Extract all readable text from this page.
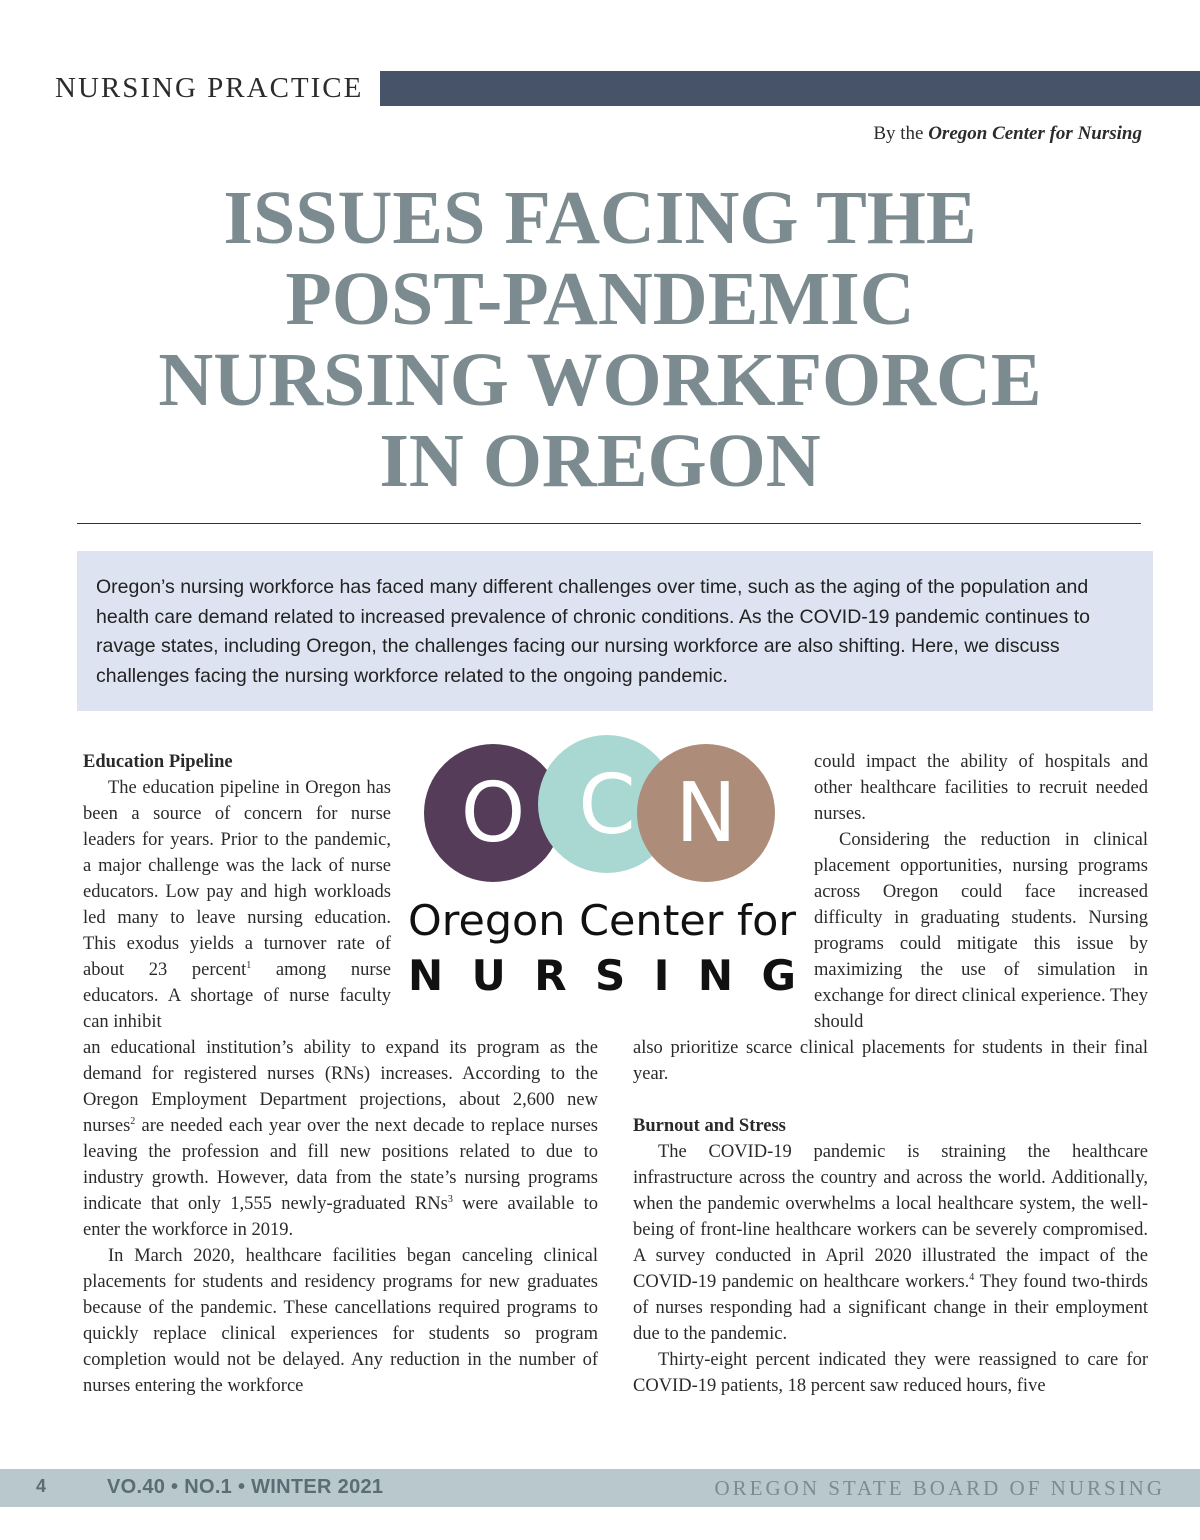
NURSING PRACTICE
By the Oregon Center for Nursing
ISSUES FACING THE
POST-PANDEMIC
NURSING WORKFORCE
IN OREGON
Oregon’s nursing workforce has faced many different challenges over time, such as the aging of the population and health care demand related to increased prevalence of chronic conditions. As the COVID-19 pandemic continues to ravage states, including Oregon, the challenges facing our nursing workforce are also shifting. Here, we discuss challenges facing the nursing workforce related to the ongoing pandemic.
O C N
Oregon Center for
N U R S I N G

Education Pipeline

The education pipeline in Oregon has been a source of concern for nurse leaders for years. Prior to the pandemic, a major challenge was the lack of nurse educators. Low pay and high workloads led many to leave nursing education. This exodus yields a turnover rate of about 23 percent$^1$ among nurse educators. A shortage of nurse faculty can inhibit

an educational institution’s ability to expand its program as the demand for registered nurses (RNs) increases. According to the Oregon Employment Department projections, about 2,600 new nurses$^2$ are needed each year over the next decade to replace nurses leaving the profession and fill new positions related to due to industry growth. However, data from the state’s nursing programs indicate that only 1,555 newly-graduated RNs$^3$ were available to enter the workforce in 2019.

In March 2020, healthcare facilities began canceling clinical placements for students and residency programs for new graduates because of the pandemic. These cancellations required programs to quickly replace clinical experiences for students so program completion would not be delayed. Any reduction in the number of nurses entering the workforce

could impact the ability of hospitals and other healthcare facilities to recruit needed nurses.

Considering the reduction in clinical placement opportunities, nursing programs across Oregon could face increased difficulty in graduating students. Nursing programs could mitigate this issue by maximizing the use of simulation in exchange for direct clinical experience. They should

also prioritize scarce clinical placements for students in their final year.

Burnout and Stress

The COVID-19 pandemic is straining the healthcare infrastructure across the country and across the world. Additionally, when the pandemic overwhelms a local healthcare system, the well-being of front-line healthcare workers can be severely compromised. A survey conducted in April 2020 illustrated the impact of the COVID-19 pandemic on healthcare workers.$^4$ They found two-thirds of nurses responding had a significant change in their employment due to the pandemic.

Thirty-eight percent indicated they were reassigned to care for COVID-19 patients, 18 percent saw reduced hours, five

4	VO.40 • NO.1 • WINTER 2021	OREGON STATE BOARD OF NURSING
